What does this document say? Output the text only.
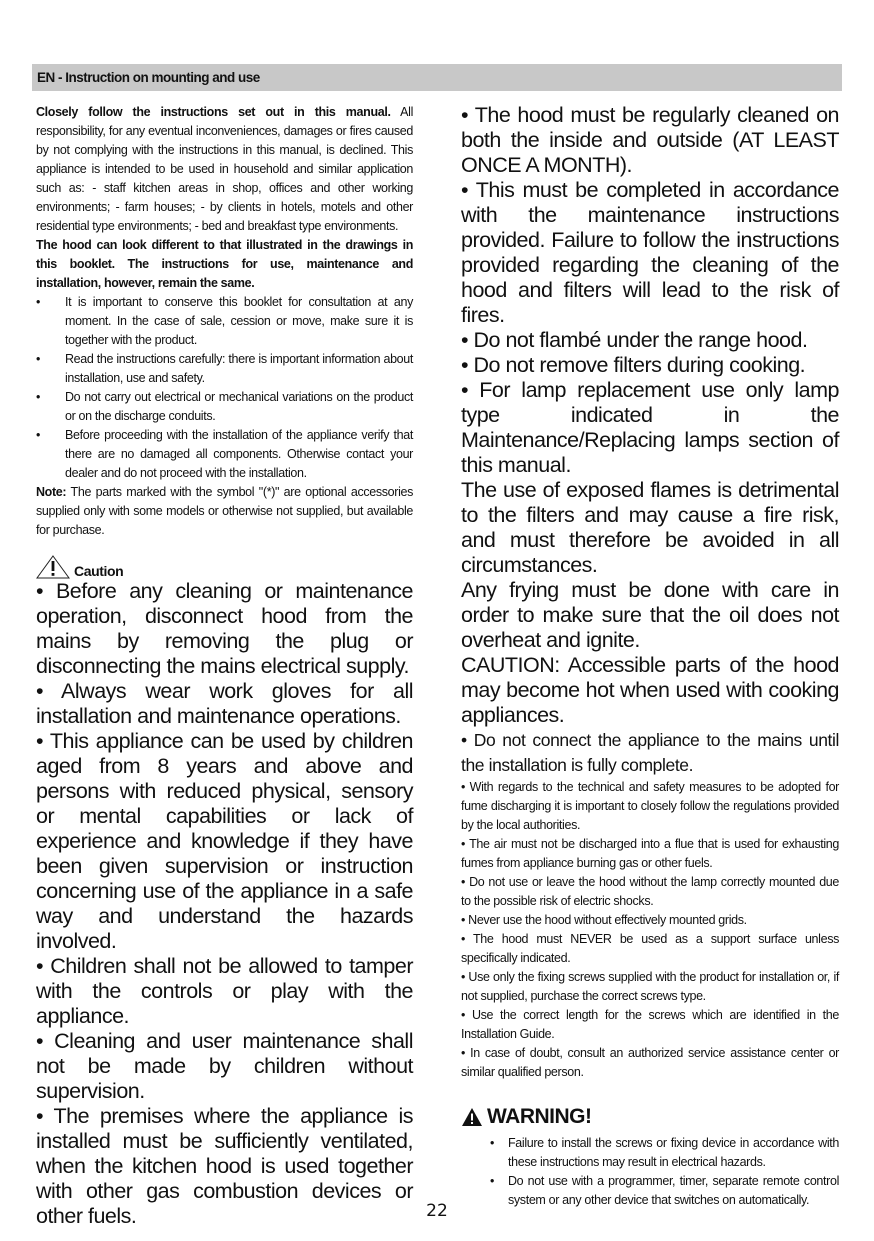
EN - Instruction on mounting and use

Closely follow the instructions set out in this manual. All responsibility, for any eventual inconveniences, damages or fires caused by not complying with the instructions in this manual, is declined. This appliance is intended to be used in household and similar application such as: - staff kitchen areas in shop, offices and other working environments; - farm houses; - by clients in hotels, motels and other residential type environments; - bed and breakfast type environments.

The hood can look different to that illustrated in the drawings in this booklet. The instructions for use, maintenance and installation, however, remain the same.

• It is important to conserve this booklet for consultation at any moment. In the case of sale, cession or move, make sure it is together with the product.
• Read the instructions carefully: there is important information about installation, use and safety.
• Do not carry out electrical or mechanical variations on the product or on the discharge conduits.
• Before proceeding with the installation of the appliance verify that there are no damaged all components. Otherwise contact your dealer and do not proceed with the installation.

Note: The parts marked with the symbol "(*)" are optional accessories supplied only with some models or otherwise not supplied, but available for purchase.

Caution

• Before any cleaning or maintenance operation, disconnect hood from the mains by removing the plug or disconnecting the mains electrical supply.

• Always wear work gloves for all installation and maintenance operations.

• This appliance can be used by children aged from 8 years and above and persons with reduced physical, sensory or mental capabilities or lack of experience and knowledge if they have been given supervision or instruction concerning use of the appliance in a safe way and understand the hazards involved.

• Children shall not be allowed to tamper with the controls or play with the appliance.

• Cleaning and user maintenance shall not be made by children without supervision.

• The premises where the appliance is installed must be sufficiently ventilated, when the kitchen hood is used together with other gas combustion devices or other fuels.

• The hood must be regularly cleaned on both the inside and outside (AT LEAST ONCE A MONTH).

• This must be completed in accordance with the maintenance instructions provided. Failure to follow the instructions provided regarding the cleaning of the hood and filters will lead to the risk of fires.

• Do not flambé under the range hood.

• Do not remove filters during cooking.

• For lamp replacement use only lamp type indicated in the Maintenance/Replacing lamps section of this manual.

The use of exposed flames is detrimental to the filters and may cause a fire risk, and must therefore be avoided in all circumstances.

Any frying must be done with care in order to make sure that the oil does not overheat and ignite.

CAUTION: Accessible parts of the hood may become hot when used with cooking appliances.

• Do not connect the appliance to the mains until the installation is fully complete.

• With regards to the technical and safety measures to be adopted for fume discharging it is important to closely follow the regulations provided by the local authorities.

• The air must not be discharged into a flue that is used for exhausting fumes from appliance burning gas or other fuels.

• Do not use or leave the hood without the lamp correctly mounted due to the possible risk of electric shocks.

• Never use the hood without effectively mounted grids.

• The hood must NEVER be used as a support surface unless specifically indicated.

• Use only the fixing screws supplied with the product for installation or, if not supplied, purchase the correct screws type.

• Use the correct length for the screws which are identified in the Installation Guide.

• In case of doubt, consult an authorized service assistance center or similar qualified person.

WARNING!
• Failure to install the screws or fixing device in accordance with these instructions may result in electrical hazards.
• Do not use with a programmer, timer, separate remote control system or any other device that switches on automatically.
22
